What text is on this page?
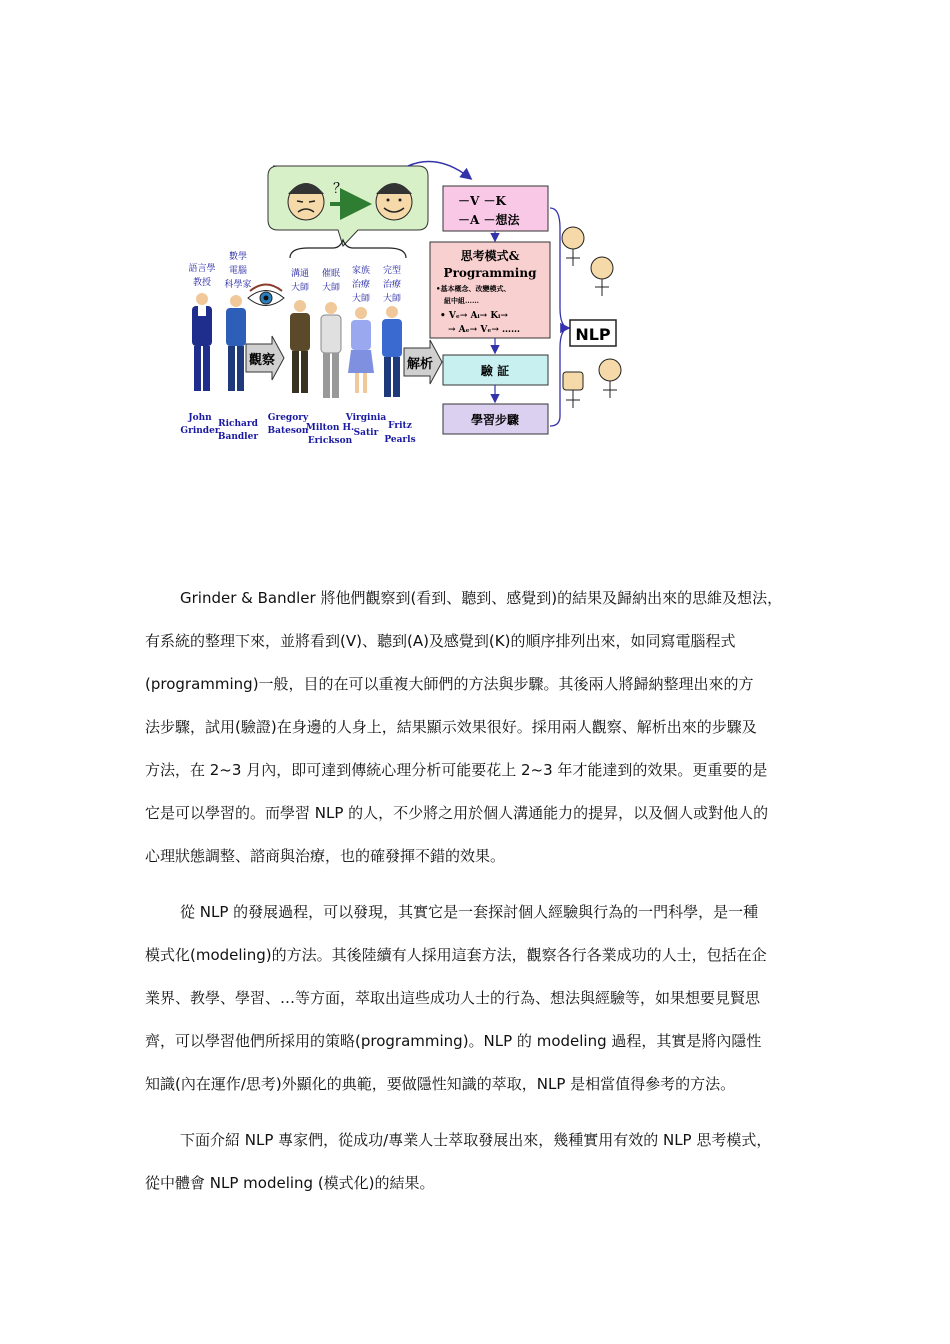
？
－V －K
－A －想法
思考模式&
Programming
•基本概念、改變模式、
紐中組……
• Vₑ→ Aᵢ→ Kᵢ→
→ Aₑ→ Vₑ→ ……
驗 証
學習步驟
NLP
語言學
教授
數學
電腦
科學家
溝通
大師
催眠
大師
家族
治療
大師
完型
治療
大師
觀察	解析
John
Grinder
Richard
Bandler
Gregory
Bateson
Milton H.
Erickson
Virginia
Satir
Fritz
Pearls
Grinder & Bandler 將他們觀察到(看到、聽到、感覺到)的結果及歸納出來的思維及想法，
有系統的整理下來，並將看到(V)、聽到(A)及感覺到(K)的順序排列出來，如同寫電腦程式
(programming)一般，目的在可以重複大師們的方法與步驟。其後兩人將歸納整理出來的方
法步驟，試用(驗證)在身邊的人身上，結果顯示效果很好。採用兩人觀察、解析出來的步驟及
方法，在 2~3 月內，即可達到傳統心理分析可能要花上 2~3 年才能達到的效果。更重要的是
它是可以學習的。而學習 NLP 的人，不少將之用於個人溝通能力的提昇，以及個人或對他人的
心理狀態調整、諮商與治療，也的確發揮不錯的效果。
從 NLP 的發展過程，可以發現，其實它是一套探討個人經驗與行為的一門科學，是一種
模式化(modeling)的方法。其後陸續有人採用這套方法，觀察各行各業成功的人士，包括在企
業界、教學、學習、…等方面，萃取出這些成功人士的行為、想法與經驗等，如果想要見賢思
齊，可以學習他們所採用的策略(programming)。NLP 的 modeling 過程，其實是將內隱性
知識(內在運作/思考)外顯化的典範，要做隱性知識的萃取，NLP 是相當值得參考的方法。
下面介紹 NLP 專家們，從成功/專業人士萃取發展出來，幾種實用有效的 NLP 思考模式，
從中體會 NLP modeling (模式化)的結果。
